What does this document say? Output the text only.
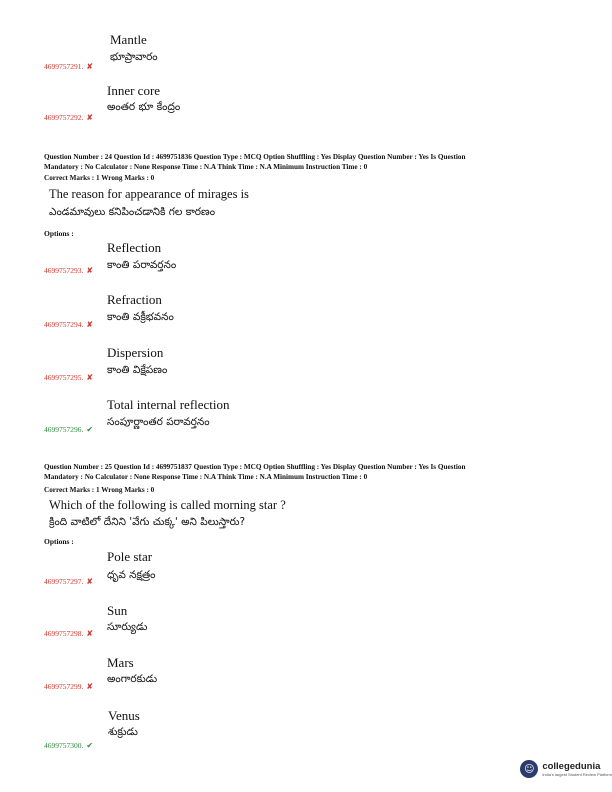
Mantle
భూప్రావారం
4699757291. ✘
Inner core
అంతర భూ కేంద్రం
4699757292. ✘
Question Number : 24 Question Id : 4699751836 Question Type : MCQ Option Shuffling : Yes Display Question Number : Yes Is Question
Mandatory : No Calculator : None Response Time : N.A Think Time : N.A Minimum Instruction Time : 0
Correct Marks : 1 Wrong Marks : 0
The reason for appearance of mirages is
ఎండమావులు కనిపించడానికి గల కారణం
Options :
Reflection
కాంతి పరావర్తనం
4699757293. ✘
Refraction
కాంతి వక్రీభవనం
4699757294. ✘
Dispersion
కాంతి విక్షేపణం
4699757295. ✘
Total internal reflection
సంపూర్ణాంతర పరావర్తనం
4699757296. ✔
Question Number : 25 Question Id : 4699751837 Question Type : MCQ Option Shuffling : Yes Display Question Number : Yes Is Question
Mandatory : No Calculator : None Response Time : N.A Think Time : N.A Minimum Instruction Time : 0
Correct Marks : 1 Wrong Marks : 0
Which of the following is called morning star ?
క్రింది వాటిలో దేనిని 'వేగు చుక్క' అని పిలుస్తారు?
Options :
Pole star
ధృవ నక్షత్రం
4699757297. ✘
Sun
సూర్యుడు
4699757298. ✘
Mars
అంగారకుడు
4699757299. ✘
Venus
శుక్రుడు
4699757300. ✔
☺ collegedunia
India's largest Student Review Platform
